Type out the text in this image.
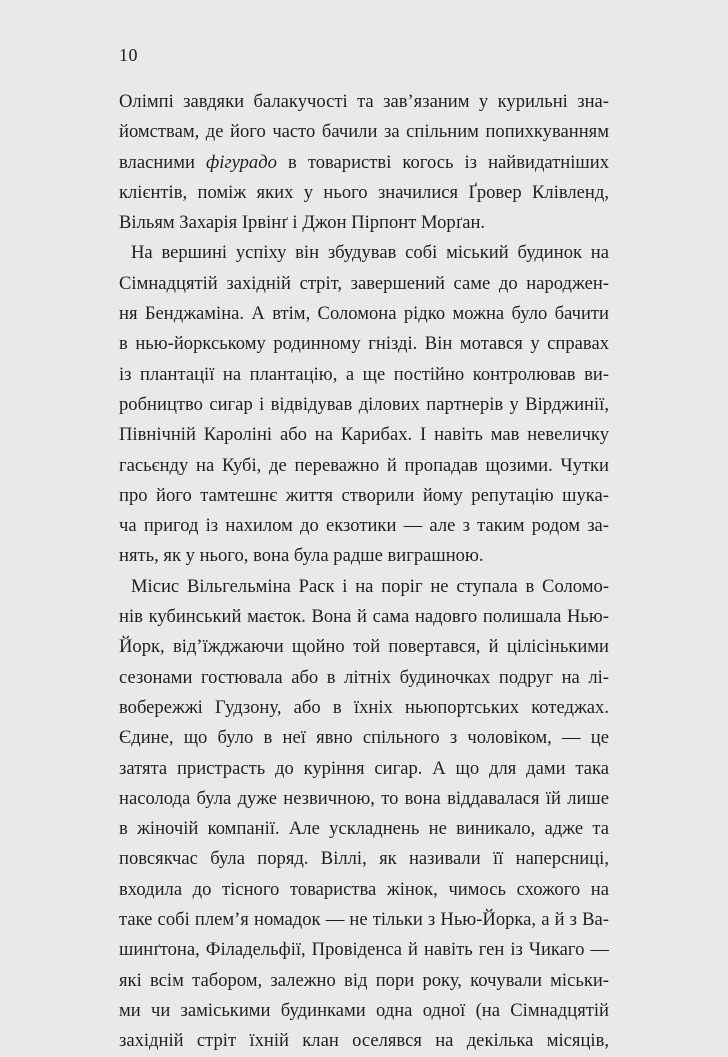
10
Олімпі завдяки балакучості та зав’язаним у курильні зна-
йомствам, де його часто бачили за спільним попихкуванням
власними фігурадо в товаристві когось із найвидатніших
клієнтів, поміж яких у нього значилися Ґровер Клівленд,
Вільям Захарія Ірвінґ і Джон Пірпонт Морґан.
На вершині успіху він збудував собі міський будинок на
Сімнадцятій західній стріт, завершений саме до народжен-
ня Бенджаміна. А втім, Соломона рідко можна було бачити
в нью-йоркському родинному гнізді. Він мотався у справах
із плантації на плантацію, а ще постійно контролював ви-
робництво сигар і відвідував ділових партнерів у Вірджинії,
Північній Кароліні або на Карибах. І навіть мав невеличку
гасьєнду на Кубі, де переважно й пропадав щозими. Чутки
про його тамтешнє життя створили йому репутацію шука-
ча пригод із нахилом до екзотики — але з таким родом за-
нять, як у нього, вона була радше виграшною.
Місис Вільгельміна Раск і на поріг не ступала в Соломо-
нів кубинський маєток. Вона й сама надовго полишала Нью-
Йорк, від’їжджаючи щойно той повертався, й цілісінькими
сезонами гостювала або в літніх будиночках подруг на лі-
вобережжі Гудзону, або в їхніх ньюпортських котеджах.
Єдине, що було в неї явно спільного з чоловіком, — це
затята пристрасть до куріння сигар. А що для дами така
насолода була дуже незвичною, то вона віддавалася їй лише
в жіночій компанії. Але ускладнень не виникало, адже та
повсякчас була поряд. Віллі, як називали її наперсниці,
входила до тісного товариства жінок, чимось схожого на
таке собі плем’я номадок — не тільки з Нью-Йорка, а й з Ва-
шинґтона, Філадельфії, Провіденса й навіть ген із Чикаго —
які всім табором, залежно від пори року, кочували міськи-
ми чи заміськими будинками одна одної (на Сімнадцятій
західній стріт їхній клан оселявся на декілька місяців,
